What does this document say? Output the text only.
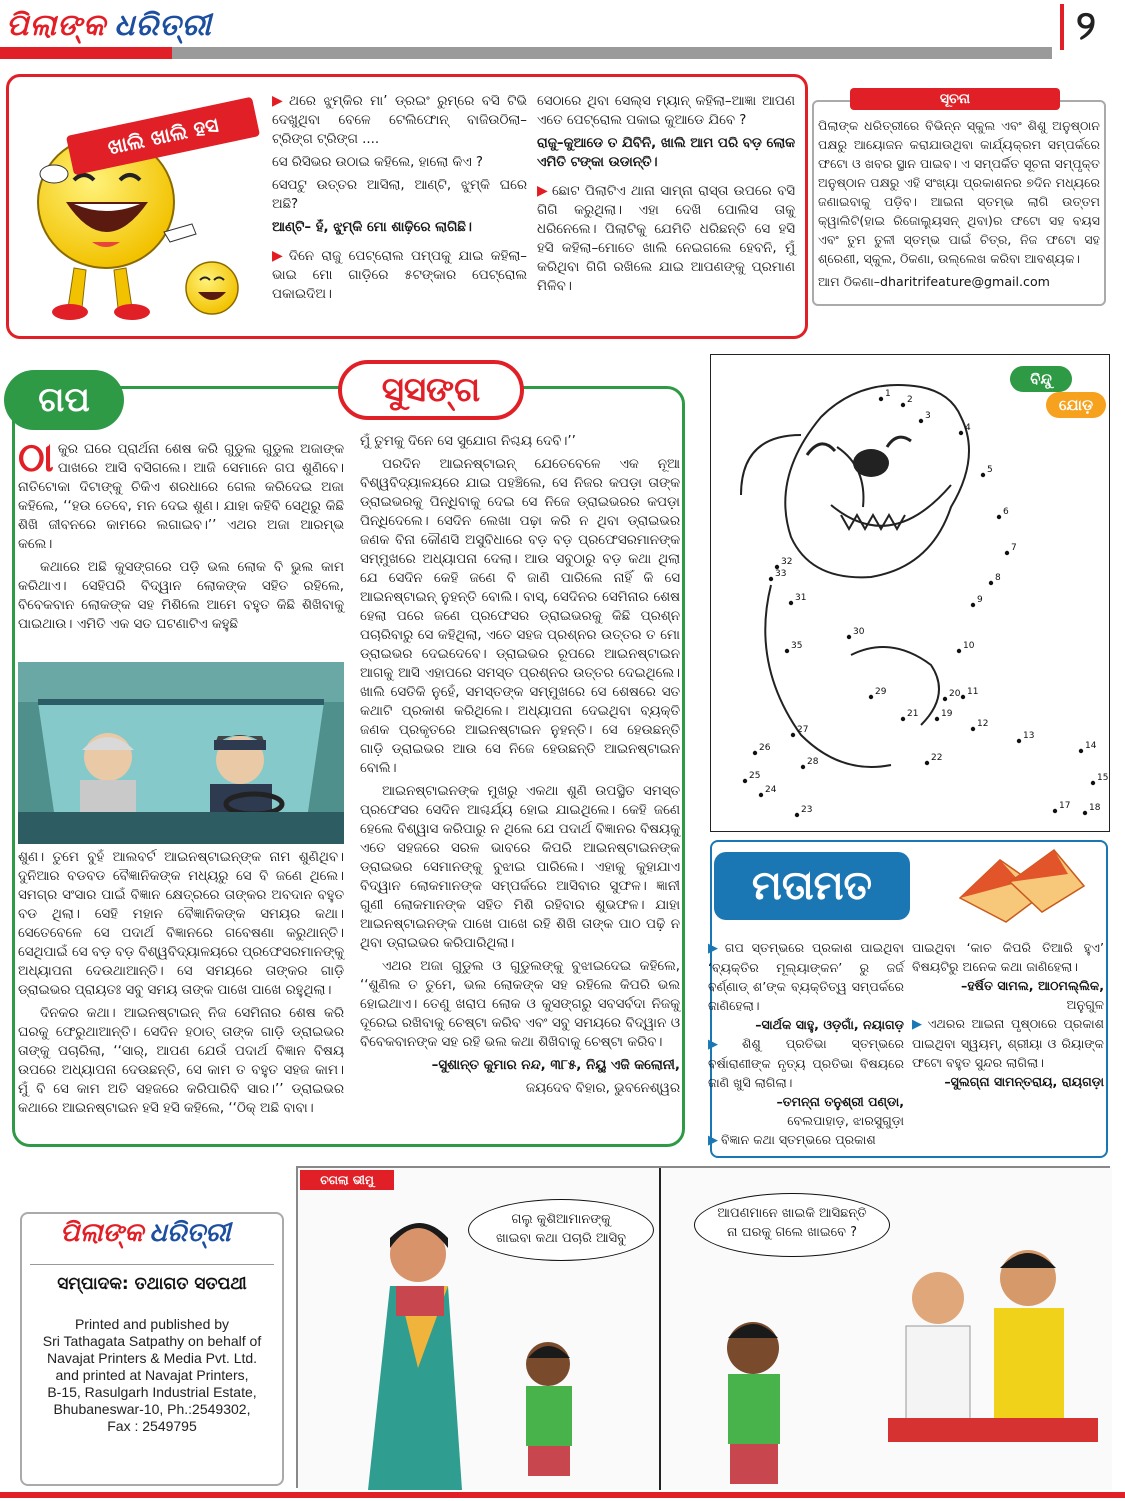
ପିଲାଙ୍କ ଧରିତ୍ରୀ	୨
ଖାଲି ଖାଲି ହସ

▶ ଥରେ ଝୁମ୍‌କିର ମା’ ଡ୍ରଇଂ ରୁମ୍‌ରେ ବସି ଟିଭି ଦେଖୁଥିବା ବେଳେ ଟେଲିଫୋନ୍‌ ବାଜିଉଠିଲା– ଟ୍ରିଙ୍ଗ ଟ୍ରିଙ୍ଗ ....

ସେ ରିସିଭର ଉଠାଇ କହିଲେ, ହାଲୋ କିଏ ?

ସେପଟୁ ଉତ୍ତର ଆସିଲା, ଆଣ୍ଟି, ଝୁମ୍‌କି ଘରେ ଅଛି?

ଆଣ୍ଟି– ହଁ, ଝୁମ୍‌କି ମୋ ଶାଢ଼ିରେ ଲାଗିଛି।

▶ ଦିନେ ରାଜୁ ପେଟ୍ରୋଲ ପମ୍ପକୁ ଯାଇ କହିଲା– ଭାଇ ମୋ ଗାଡ଼ିରେ ୫ଟଙ୍କାର ପେଟ୍ରୋଲ ପକାଇଦିଅ।

ସେଠାରେ ଥିବା ସେଲ୍‌ସ ମ୍ୟାନ୍‌ କହିଲା–ଆଜ୍ଞା ଆପଣ ଏତେ ପେଟ୍ରୋଲ ପକାଇ କୁଆଡେ ଯିବେ ?

ରାଜୁ–କୁଆଡେ ତ ଯିବିନି, ଖାଲି ଆମ ପରି ବଡ଼ ଲୋକ ଏମିତି ଟଙ୍କା ଉଡାନ୍ତି।

▶ ଛୋଟ ପିଲାଟିଏ ଥାନା ସାମ୍ନା ରାସ୍ତା ଉପରେ ବସି ଗିଗି କରୁଥିଲା। ଏହା ଦେଖି ପୋଲିସ ତାକୁ ଧରିନେଲେ। ପିଲାଟିକୁ ଯେମିତି ଧରିଛନ୍ତି ସେ ହସି ହସି କହିଲା–ମୋତେ ଖାଲି ନେଇଗଲେ ହେବନି, ମୁଁ କରିଥିବା ଗିଗି ରଖିଲେ ଯାଇ ଆପଣଙ୍କୁ ପ୍ରମାଣ ମିଳିବ।

ସୂଚନା

ପିଲାଙ୍କ ଧରିତ୍ରୀରେ ବିଭିନ୍ନ ସ୍କୁଲ ଏବଂ ଶିଶୁ ଅନୁଷ୍ଠାନ ପକ୍ଷରୁ ଆୟୋଜନ କରାଯାଉଥିବା କାର୍ଯ୍ୟକ୍ରମ ସମ୍ପର୍କରେ ଫଟୋ ଓ ଖବର ସ୍ଥାନ ପାଇବ। ଏ ସମ୍ପର୍କିତ ସୂଚନା ସମ୍ପୃକ୍ତ ଅନୁଷ୍ଠାନ ପକ୍ଷରୁ ଏହି ସଂଖ୍ୟା ପ୍ରକାଶନର ୭ଦିନ ମଧ୍ୟରେ ଜଣାଇବାକୁ ପଡ଼ିବ। ଆଇନା ସ୍ତମ୍ଭ ଲାଗି ଉତ୍ତମ କ୍ୱାଲିଟି(ହାଇ ରିଜୋଲ୍ୟୁସନ୍‌ ଥିବା)ର ଫଟୋ ସହ ବୟସ ଏବଂ ତୁମ ତୁଳୀ ସ୍ତମ୍ଭ ପାଇଁ ଚିତ୍ର, ନିଜ ଫଟୋ ସହ ଶ୍ରେଣୀ, ସ୍କୁଲ, ଠିକଣା, ଉଲ୍ଲେଖ କରିବା ଆବଶ୍ୟକ।

ଆମ ଠିକଣା–dharitrifeature@gmail.com

ଗପ	ସୁସଙ୍ଗ

ଠାକୁର ଘରେ ପ୍ରାର୍ଥନା ଶେଷ କରି ଗୁଡୁଲ ଗୁଡୁଲ ଅଜାଙ୍କ ପାଖରେ ଆସି ବସିଗଲେ। ଆଜି ସେମାନେ ଗପ ଶୁଣିବେ। ନାତିଟୋକା ଦିଟାଙ୍କୁ ଚିକିଏ ଶରଧାରେ ଗେଲ କରିଦେଇ ଅଜା କହିଲେ, ‘‘ହଉ ତେବେ, ମନ ଦେଇ ଶୁଣ। ଯାହା କହିବି ସେଥିରୁ କିଛି ଶିଖି ଜୀବନରେ କାମରେ ଲଗାଇବ।’’ ଏଥର ଅଜା ଆରମ୍ଭ କଲେ।

କଥାରେ ଅଛି କୁସଙ୍ଗରେ ପଡ଼ି ଭଲ ଲୋକ ବି ଭୁଲ କାମ କରିଥାଏ। ସେହିପରି ବିଦ୍ୱାନ ଲୋକଙ୍କ ସହିତ ରହିଲେ, ବିବେକବାନ ଲୋକଙ୍କ ସହ ମିଶିଲେ ଆମେ ବହୁତ କିଛି ଶିଖିବାକୁ ପାଇଥାଉ। ଏମିତି ଏକ ସତ ଘଟଣାଟିଏ କହୁଛି

ଶୁଣ। ତୁମେ ବୁହଁ ଆଲବର୍ଟ ଆଇନଷ୍ଟାଇନ୍‌ଙ୍କ ନାମ ଶୁଣିଥିବ। ଦୁନିଆର ବଡବଡ ବୈଜ୍ଞାନିକଙ୍କ ମଧ୍ୟରୁ ସେ ବି ଜଣେ ଥିଲେ। ସମଗ୍ର ସଂସାର ପାଇଁ ବିଜ୍ଞାନ କ୍ଷେତ୍ରରେ ତାଙ୍କର ଅବଦାନ ବହୁତ ବଡ ଥିଲା। ସେହି ମହାନ ବୈଜ୍ଞାନିକଙ୍କ ସମୟର କଥା। ସେତେବେଳେ ସେ ପଦାର୍ଥ ବିଜ୍ଞାନରେ ଗବେଷଣା କରୁଥାନ୍ତି। ସେଥିପାଇଁ ସେ ବଡ଼ ବଡ଼ ବିଶ୍ୱବିଦ୍ୟାଳୟରେ ପ୍ରଫେସରମାନଙ୍କୁ ଅଧ୍ୟାପନା ଦେଉଥାଆନ୍ତି। ସେ ସମୟରେ ତାଙ୍କର ଗାଡ଼ି ଡ୍ରାଇଭର ପ୍ରାୟତଃ ସବୁ ସମୟ ତାଙ୍କ ପାଖେ ପାଖେ ରହୁଥିଲା।

ଦିନକର କଥା। ଆଇନଷ୍ଟାଇନ୍‌ ନିଜ ସେମିନାର ଶେଷ କରି ଘରକୁ ଫେରୁଥାଆନ୍ତି। ସେଦିନ ହଠାତ୍‌ ତାଙ୍କ ଗାଡ଼ି ଡ୍ରାଇଭର ତାଙ୍କୁ ପଚାରିଲା, ‘‘ସାର୍‌, ଆପଣ ଯେଉଁ ପଦାର୍ଥ ବିଜ୍ଞାନ ବିଷୟ ଉପରେ ଅଧ୍ୟାପନା ଦେଉଛନ୍ତି, ସେ କାମ ତ ବହୁତ ସହଜ କାମ। ମୁଁ ବି ସେ କାମ ଅତି ସହଜରେ କରିପାରିବି ସାର।’’ ଡ୍ରାଇଭର କଥାରେ ଆଇନଷ୍ଟାଇନ ହସି ହସି କହିଲେ, ‘‘ଠିକ୍‌ ଅଛି ବାବା।

ମୁଁ ତୁମକୁ ଦିନେ ସେ ସୁଯୋଗ ନିଶ୍ଚୟ ଦେବି।’’

ପରଦିନ ଆଇନଷ୍ଟାଇନ୍‌ ଯେତେବେଳେ ଏକ ନୂଆ ବିଶ୍ୱବିଦ୍ୟାଳୟରେ ଯାଇ ପହଞ୍ଚିଲେ, ସେ ନିଜର କପଡ଼ା ତାଙ୍କ ଡ୍ରାଇଭରକୁ ପିନ୍ଧିବାକୁ ଦେଇ ସେ ନିଜେ ଡ୍ରାଇଭରର କପଡ଼ା ପିନ୍ଧିଦେଲେ। ସେଦିନ ଲେଖା ପଢ଼ା କରି ନ ଥିବା ଡ୍ରାଇଭର ଜଣକ ବିନା କୌଣସି ଅସୁବିଧାରେ ବଡ଼ ବଡ଼ ପ୍ରଫେସରମାନଙ୍କ ସମ୍ମୁଖରେ ଅଧ୍ୟାପନା ଦେଲା। ଆଉ ସବୁଠାରୁ ବଡ଼ କଥା ଥିଲା ଯେ ସେଦିନ କେହି ଜଣେ ବି ଜାଣି ପାରିଲେ ନାହିଁ କି ସେ ଆଇନଷ୍ଟାଇନ୍‌ ନୁହନ୍ତି ବୋଲି। ବାସ୍‌, ସେଦିନର ସେମିନାର ଶେଷ ହେଲା ପରେ ଜଣେ ପ୍ରଫେସର ଡ୍ରାଇଭରକୁ କିଛି ପ୍ରଶ୍ନ ପଚାରିବାରୁ ସେ କହିଥିଲା, ଏତେ ସହଜ ପ୍ରଶ୍ନର ଉତ୍ତର ତ ମୋ ଡ୍ରାଇଭର ଦେଇଦେବେ। ଡ୍ରାଇଭର ରୂପରେ ଆଇନଷ୍ଟାଇନ ଆଗକୁ ଆସି ଏହାପରେ ସମସ୍ତ ପ୍ରଶ୍ନର ଉତ୍ତର ଦେଇଥିଲେ। ଖାଲି ସେତିକି ନୁହେଁ, ସମସ୍ତଙ୍କ ସମ୍ମୁଖରେ ସେ ଶେଷରେ ସତ କଥାଟି ପ୍ରକାଶ କରିଥିଲେ। ଅଧ୍ୟାପନା ଦେଇଥିବା ବ୍ୟକ୍ତି ଜଣକ ପ୍ରକୃତରେ ଆଇନଷ୍ଟାଇନ ନୁହନ୍ତି। ସେ ହେଉଛନ୍ତି ଗାଡ଼ି ଡ୍ରାଇଭର ଆଉ ସେ ନିଜେ ହେଉଛନ୍ତି ଆଇନଷ୍ଟାଇନ ବୋଲି।

ଆଇନଷ୍ଟାଇନଙ୍କ ମୁଖରୁ ଏକଥା ଶୁଣି ଉପସ୍ଥିତ ସମସ୍ତ ପ୍ରଫେସର ସେଦିନ ଆଶ୍ଚର୍ଯ୍ୟ ହୋଇ ଯାଇଥିଲେ। କେହି ଜଣେ ହେଲେ ବିଶ୍ୱାସ କରିପାରୁ ନ ଥିଲେ ଯେ ପଦାର୍ଥ ବିଜ୍ଞାନର ବିଷୟକୁ ଏତେ ସହଜରେ ସରଳ ଭାବରେ କିପରି ଆଇନଷ୍ଟାଇନଙ୍କ ଡ୍ରାଇଭର ସେମାନଙ୍କୁ ବୁଝାଇ ପାରିଲେ। ଏହାକୁ କୁହାଯାଏ ବିଦ୍ୱାନ ଲୋକମାନଙ୍କ ସମ୍ପର୍କରେ ଆସିବାର ସୁଫଳ। ଜ୍ଞାନୀ ଗୁଣୀ ଲୋକମାନଙ୍କ ସହିତ ମିଶି ରହିବାର ଶୁଭଫଳ। ଯାହା ଆଇନଷ୍ଟାଇନଙ୍କ ପାଖେ ପାଖେ ରହି ଶିଖି ତାଙ୍କ ପାଠ ପଢ଼ି ନ ଥିବା ଡ୍ରାଇଭର କରିପାରିଥିଲା।

ଏଥର ଅଜା ଗୁଡୁଲ ଓ ଗୁଡୁଲଙ୍କୁ ବୁଝାଇଦେଇ କହିଲେ, ‘‘ଶୁଣିଲ ତ ତୁମେ, ଭଲ ଲୋକଙ୍କ ସହ ରହିଲେ କିପରି ଭଲ ହୋଇଥାଏ। ତେଣୁ ଖରାପ ଲୋକ ଓ କୁସଙ୍ଗରୁ ସବସର୍ବଦା ନିଜକୁ ଦୂରେଇ ରଖିବାକୁ ଚେଷ୍ଟା କରିବ ଏବଂ ସବୁ ସମୟରେ ବିଦ୍ୱାନ ଓ ବିବେକବାନଙ୍କ ସହ ରହି ଭଲ କଥା ଶିଖିବାକୁ ଚେଷ୍ଟା କରିବ।

–ସୁଶାନ୍ତ କୁମାର ନନ୍ଦ, ୩୮୫, ନିୟୁ ଏଜି କଲୋନୀ,

ଜୟଦେବ ବିହାର, ଭୁବନେଶ୍ୱର

1
2
3
4
5
6
7
8
9
10
11
12
13
14
15
17 18
19
20
21
22
23
24
25
26
27
28
29
30
31
32
33
35
ବିନ୍ଦୁ
ଯୋଡ଼
ମତାମତ

▶ ଗପ ସ୍ତମ୍ଭରେ ପ୍ରକାଶ ପାଇଥିବା ‘ବ୍ୟକ୍ତିର ମୂଲ୍ୟାଙ୍କନ’ ରୁ ଜର୍ଜ ବର୍ଣ୍ଣାଡ୍‌ ଶ’ଙ୍କ ବ୍ୟକ୍ତିତ୍ୱ ସମ୍ପର୍କରେ ଜାଣିହେଲା।

–ସାର୍ଥକ ସାହୁ, ଓଡ଼ଗାଁ, ନୟାଗଡ଼

▶ ଶିଶୁ ପ୍ରତିଭା ସ୍ତମ୍ଭରେ ବର୍ଷାରାଣୀଙ୍କ ନୃତ୍ୟ ପ୍ରତିଭା ବିଷୟରେ ଜାଣି ଖୁସି ଲାଗିଲା।

–ତମନ୍ନା ତନୁଶ୍ରୀ ପଣ୍ଡା,

ବେଲପାହାଡ଼, ଝାରସୁଗୁଡ଼ା

▶ ବିଜ୍ଞାନ କଥା ସ୍ତମ୍ଭରେ ପ୍ରକାଶ

ପାଇଥିବା ‘କାଚ କିପରି ତିଆରି ହୁଏ’ ବିଷୟଟିରୁ ଅନେକ କଥା ଜାଣିହେଲା।

–ହର୍ଷିତ ସାମଲ, ଆଠମଲ୍ଲିକ,

ଅନୁଗୁଳ

▶ ଏଥରର ଆଇନା ପୃଷ୍ଠାରେ ପ୍ରକାଶ ପାଇଥିବା ସ୍ୱୟମ୍‌, ଶ୍ରୀୟା ଓ ରିୟାଙ୍କ ଫଟୋ ବହୁତ ସୁନ୍ଦର ଲାଗିଲା।

–ସୁଲଗ୍ନା ସାମନ୍ତରାୟ, ରାୟଗଡ଼ା

ଚଗଲା ଭୀମୁ
ଗଲୁ କୁଶିଆମାନଙ୍କୁ
ଖାଇବା କଥା ପଚାରି ଆସିବୁ
ଆପଣମାନେ ଖାଇକି ଆସିଛନ୍ତି
ନା ଘରକୁ ଗଲେ ଖାଇବେ ?
ପିଲାଙ୍କ ଧରିତ୍ରୀ
ସମ୍ପାଦକ: ତଥାଗତ ସତପଥୀ
Printed and published by
Sri Tathagata Satpathy on behalf of
Navajat Printers & Media Pvt. Ltd.
and printed at Navajat Printers,
B-15, Rasulgarh Industrial Estate,
Bhubaneswar-10, Ph.:2549302,
Fax : 2549795
